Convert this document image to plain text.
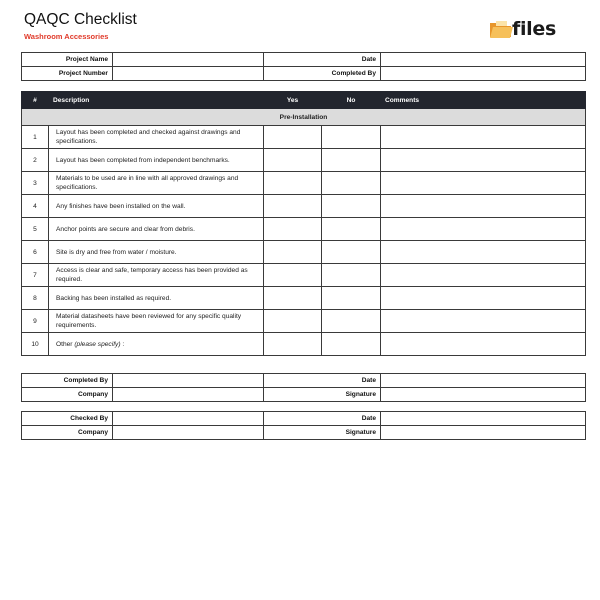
QAQC Checklist
Washroom Accessories	files
Project Name		Date	
Project Number		Completed By	
#	Description	Yes	No	Comments
Pre-Installation				
1	Layout has been completed and checked against drawings and specifications.			
2	Layout has been completed from independent benchmarks.			
3	Materials to be used are in line with all approved drawings and specifications.			
4	Any finishes have been installed on the wall.			
5	Anchor points are secure and clear from debris.			
6	Site is dry and free from water / moisture.			
7	Access is clear and safe, temporary access has been provided as required.			
8	Backing has been installed as required.			
9	Material datasheets have been reviewed for any specific quality requirements.			
10	Other (please specify) :			
Completed By		Date	
Company		Signature	
Checked By		Date	
Company		Signature	
